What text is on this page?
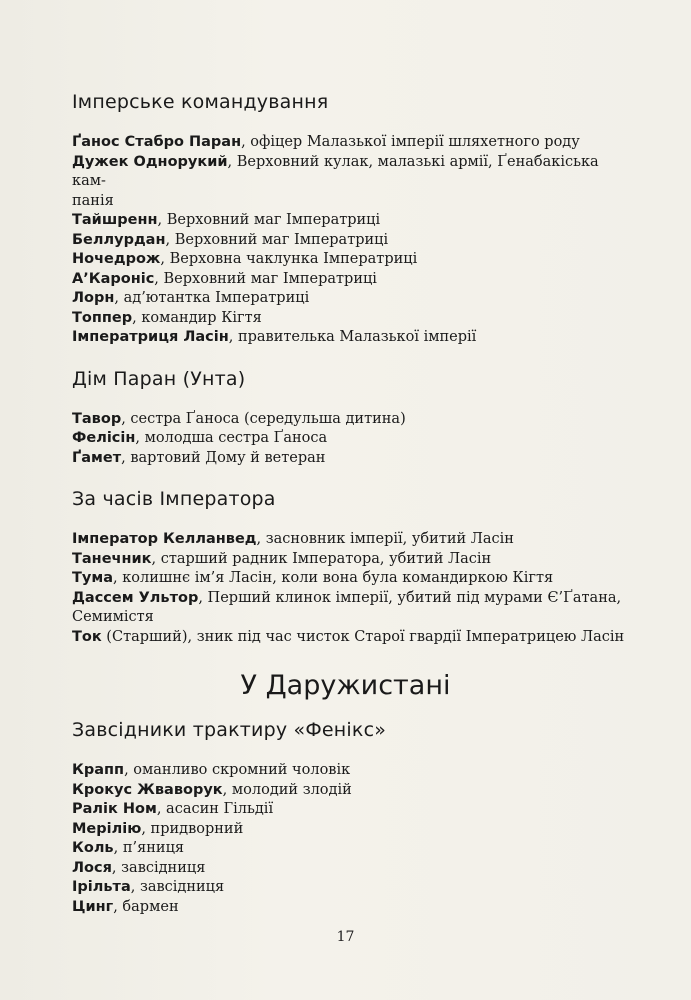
Імперське командування
Ґанос Стабро Паран, офіцер Малазької імперії шляхетного роду
Дужек Однорукий, Верховний кулак, малазькі армії, Ґенабакіська кам-
панія
Тайшренн, Верховний маг Імператриці
Беллурдан, Верховний маг Імператриці
Ночедрож, Верховна чаклунка Імператриці
А’Кароніс, Верховний маг Імператриці
Лорн, ад’ютантка Імператриці
Топпер, командир Кігтя
Імператриця Ласін, правителька Малазької імперії
Дім Паран (Унта)
Тавор, сестра Ґаноса (середульша дитина)
Фелісін, молодша сестра Ґаноса
Ґамет, вартовий Дому й ветеран
За часів Імператора
Імператор Келланвед, засновник імперії, убитий Ласін
Танечник, старший радник Імператора, убитий Ласін
Тума, колишнє ім’я Ласін, коли вона була командиркою Кігтя
Дассем Ультор, Перший клинок імперії, убитий під мурами Є’Ґатана,
Семимістя
Ток (Старший), зник під час чисток Старої гвардії Імператрицею Ласін
У Даружистані
Завсідники трактиру «Фенікс»
Крапп, оманливо скромний чоловік
Крокус Жваворук, молодий злодій
Ралік Ном, асасин Гільдії
Мерілію, придворний
Коль, п’яниця
Лося, завсідниця
Ірільта, завсідниця
Цинг, бармен
17
